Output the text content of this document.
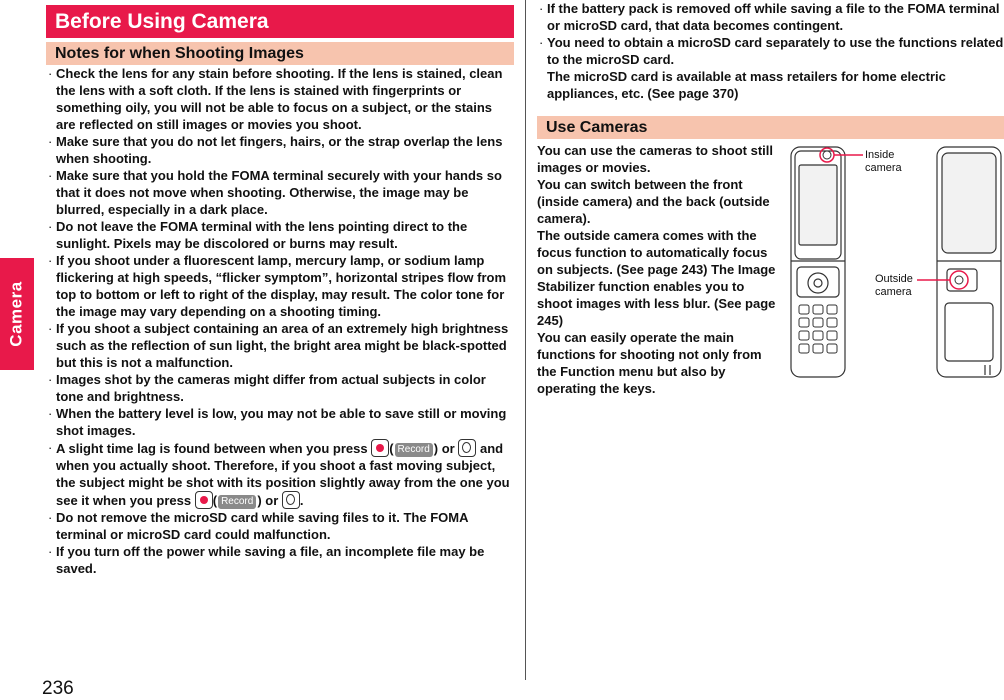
Camera
236
Before Using Camera
Notes for when Shooting Images
· Check the lens for any stain before shooting. If the lens is stained, clean the lens with a soft cloth. If the lens is stained with fingerprints or something oily, you will not be able to focus on a subject, or the stains are reflected on still images or movies you shoot.
· Make sure that you do not let fingers, hairs, or the strap overlap the lens when shooting.
· Make sure that you hold the FOMA terminal securely with your hands so that it does not move when shooting. Otherwise, the image may be blurred, especially in a dark place.
· Do not leave the FOMA terminal with the lens pointing direct to the sunlight. Pixels may be discolored or burns may result.
· If you shoot under a fluorescent lamp, mercury lamp, or sodium lamp flickering at high speeds, “flicker symptom”, horizontal stripes flow from top to bottom or left to right of the display, may result. The color tone for the image may vary depending on a shooting timing.
· If you shoot a subject containing an area of an extremely high brightness such as the reflection of sun light, the bright area might be black-spotted but this is not a malfunction.
· Images shot by the cameras might differ from actual subjects in color tone and brightness.
· When the battery level is low, you may not be able to save still or moving shot images.
· A slight time lag is found between when you press ( Record ) or  and when you actually shoot. Therefore, if you shoot a fast moving subject, the subject might be shot with its position slightly away from the one you see it when you press ( Record ) or .
· Do not remove the microSD card while saving files to it. The FOMA terminal or microSD card could malfunction.
· If you turn off the power while saving a file, an incomplete file may be saved.
· If the battery pack is removed off while saving a file to the FOMA terminal or microSD card, that data becomes contingent.
· You need to obtain a microSD card separately to use the functions related to the microSD card.
The microSD card is available at mass retailers for home electric appliances, etc. (See page 370)
Use Cameras

You can use the cameras to shoot still images or movies.

You can switch between the front (inside camera) and the back (outside camera).

The outside camera comes with the focus function to automatically focus on subjects. (See page 243) The Image Stabilizer function enables you to shoot images with less blur. (See page 245)

You can easily operate the main functions for shooting not only from the Function menu but also by operating the keys.

Inside
camera
Outside
camera
